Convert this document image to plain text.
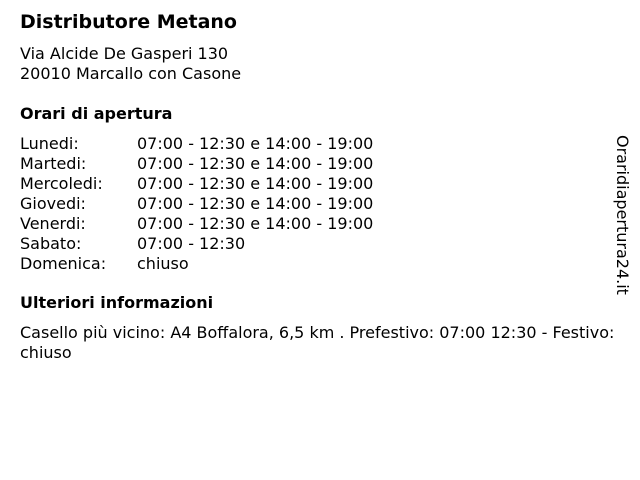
Distributore Metano
Via Alcide De Gasperi 130
20010 Marcallo con Casone
Orari di apertura
Lunedi:	07:00 - 12:30 e 14:00 - 19:00
Martedi:	07:00 - 12:30 e 14:00 - 19:00
Mercoledi:	07:00 - 12:30 e 14:00 - 19:00
Giovedi:	07:00 - 12:30 e 14:00 - 19:00
Venerdi:	07:00 - 12:30 e 14:00 - 19:00
Sabato:	07:00 - 12:30
Domenica:	chiuso
Ulteriori informazioni
Casello più vicino: A4 Boffalora, 6,5 km . Prefestivo: 07:00 12:30 - Festivo: chiuso
Oraridiapertura24.it
